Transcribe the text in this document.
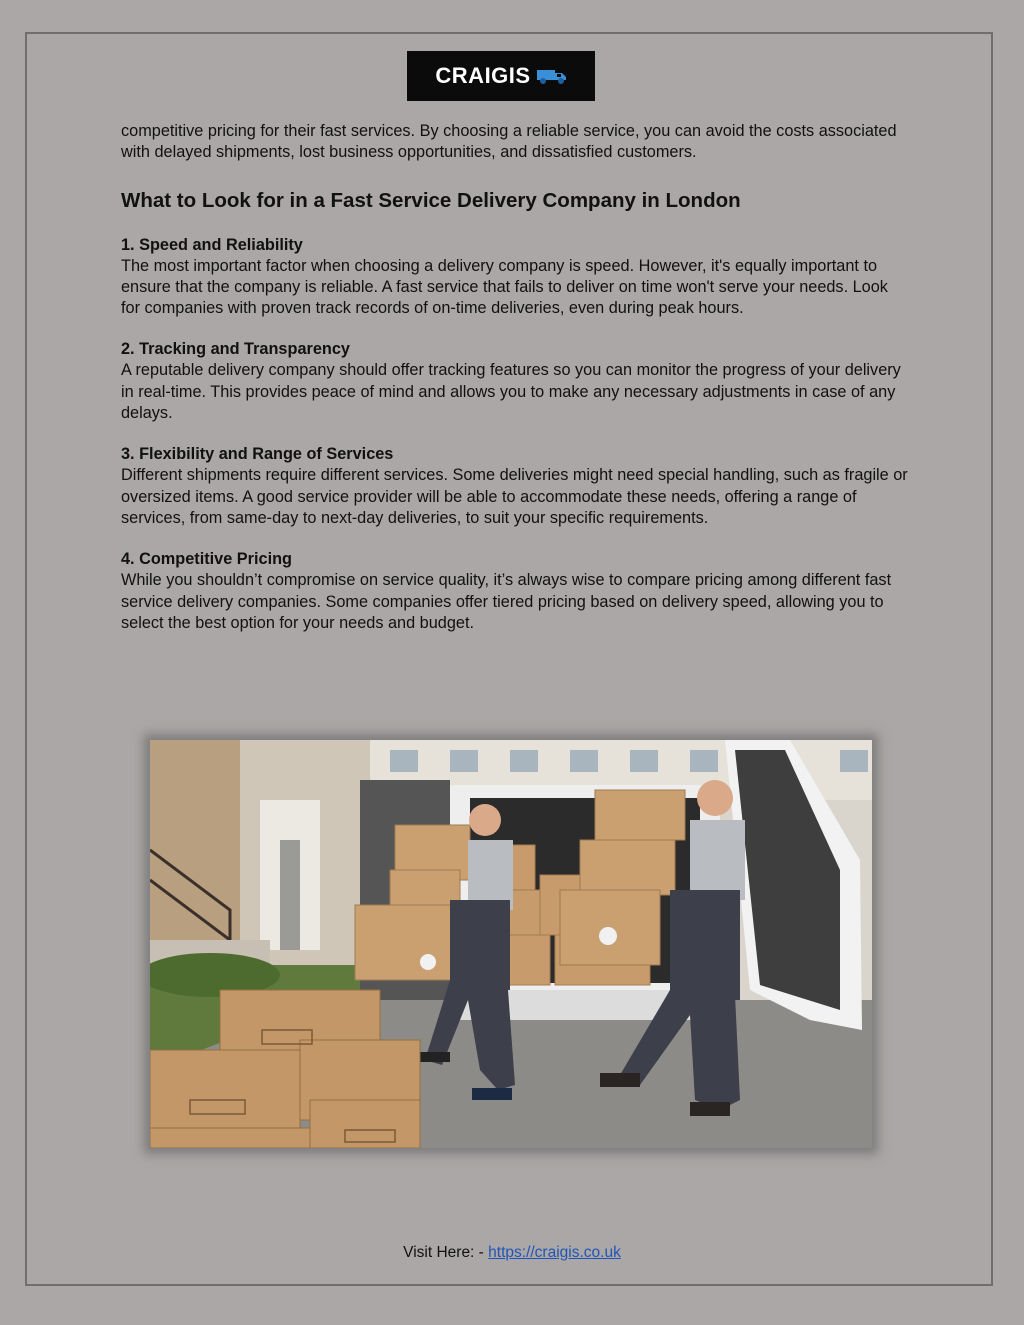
CRAIGIS

competitive pricing for their fast services. By choosing a reliable service, you can avoid the costs associated with delayed shipments, lost business opportunities, and dissatisfied customers.

What to Look for in a Fast Service Delivery Company in London
1. Speed and Reliability

The most important factor when choosing a delivery company is speed. However, it's equally important to ensure that the company is reliable. A fast service that fails to deliver on time won't serve your needs. Look for companies with proven track records of on-time deliveries, even during peak hours.

2. Tracking and Transparency

A reputable delivery company should offer tracking features so you can monitor the progress of your delivery in real-time. This provides peace of mind and allows you to make any necessary adjustments in case of any delays.

3. Flexibility and Range of Services

Different shipments require different services. Some deliveries might need special handling, such as fragile or oversized items. A good service provider will be able to accommodate these needs, offering a range of services, from same-day to next-day deliveries, to suit your specific requirements.

4. Competitive Pricing

While you shouldn’t compromise on service quality, it’s always wise to compare pricing among different fast service delivery companies. Some companies offer tiered pricing based on delivery speed, allowing you to select the best option for your needs and budget.

Visit Here: - https://craigis.co.uk
